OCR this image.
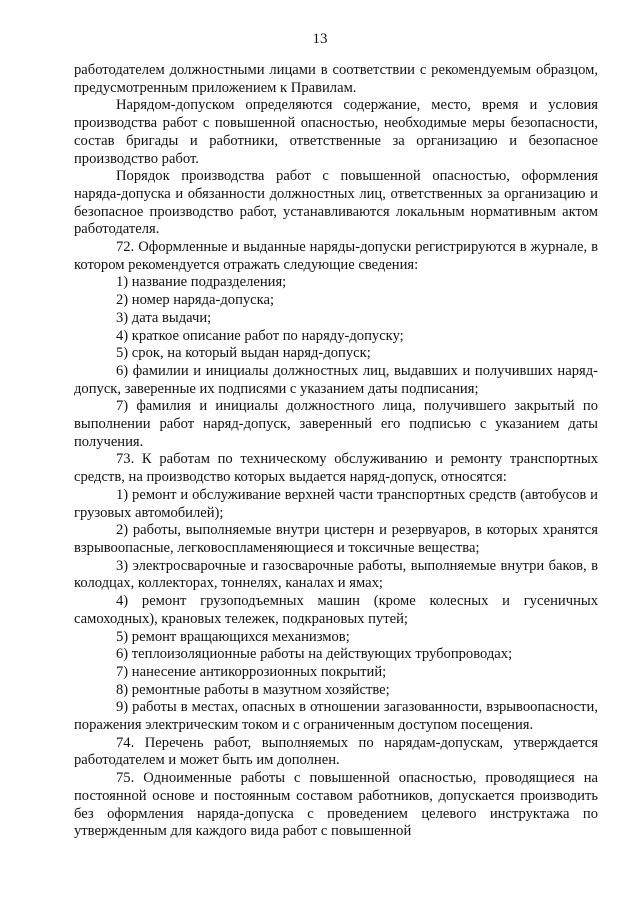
13

работодателем должностными лицами в соответствии с рекомендуемым образцом, предусмотренным приложением к Правилам.

Нарядом-допуском определяются содержание, место, время и условия производства работ с повышенной опасностью, необходимые меры безопасности, состав бригады и работники, ответственные за организацию и безопасное производство работ.

Порядок производства работ с повышенной опасностью, оформления наряда-допуска и обязанности должностных лиц, ответственных за организацию и безопасное производство работ, устанавливаются локальным нормативным актом работодателя.

72. Оформленные и выданные наряды-допуски регистрируются в журнале, в котором рекомендуется отражать следующие сведения:

1) название подразделения;

2) номер наряда-допуска;

3) дата выдачи;

4) краткое описание работ по наряду-допуску;

5) срок, на который выдан наряд-допуск;

6) фамилии и инициалы должностных лиц, выдавших и получивших наряд-допуск, заверенные их подписями с указанием даты подписания;

7) фамилия и инициалы должностного лица, получившего закрытый по выполнении работ наряд-допуск, заверенный его подписью с указанием даты получения.

73. К работам по техническому обслуживанию и ремонту транспортных средств, на производство которых выдается наряд-допуск, относятся:

1) ремонт и обслуживание верхней части транспортных средств (автобусов и грузовых автомобилей);

2) работы, выполняемые внутри цистерн и резервуаров, в которых хранятся взрывоопасные, легковоспламеняющиеся и токсичные вещества;

3) электросварочные и газосварочные работы, выполняемые внутри баков, в колодцах, коллекторах, тоннелях, каналах и ямах;

4) ремонт грузоподъемных машин (кроме колесных и гусеничных самоходных), крановых тележек, подкрановых путей;

5) ремонт вращающихся механизмов;

6) теплоизоляционные работы на действующих трубопроводах;

7) нанесение антикоррозионных покрытий;

8) ремонтные работы в мазутном хозяйстве;

9) работы в местах, опасных в отношении загазованности, взрывоопасности, поражения электрическим током и с ограниченным доступом посещения.

74. Перечень работ, выполняемых по нарядам-допускам, утверждается работодателем и может быть им дополнен.

75. Одноименные работы с повышенной опасностью, проводящиеся на постоянной основе и постоянным составом работников, допускается производить без оформления наряда-допуска с проведением целевого инструктажа по утвержденным для каждого вида работ с повышенной
